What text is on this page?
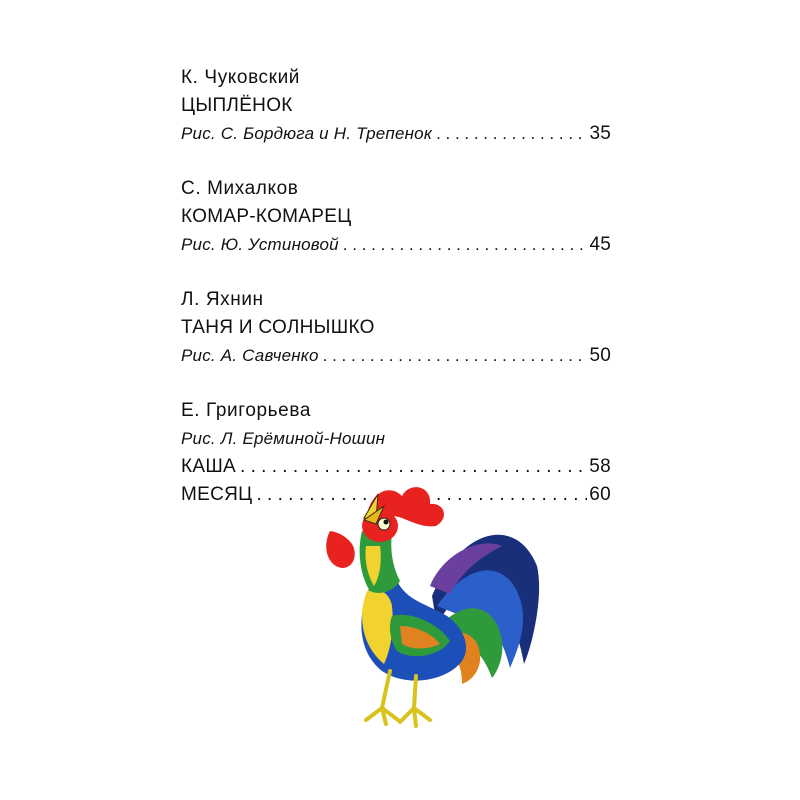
К. Чуковский
ЦЫПЛЁНОК
Рис. С. Бордюга и Н. Трепенок . . .	35
С. Михалков
КОМАР-КОМАРЕЦ
Рис. Ю. Устиновой . . .	45
Л. Яхнин
ТАНЯ И СОЛНЫШКО
Рис. А. Савченко . . .	50
Е. Григорьева
Рис. Л. Ерёминой-Ношин
КАША . . .	58
МЕСЯЦ . . .	60
